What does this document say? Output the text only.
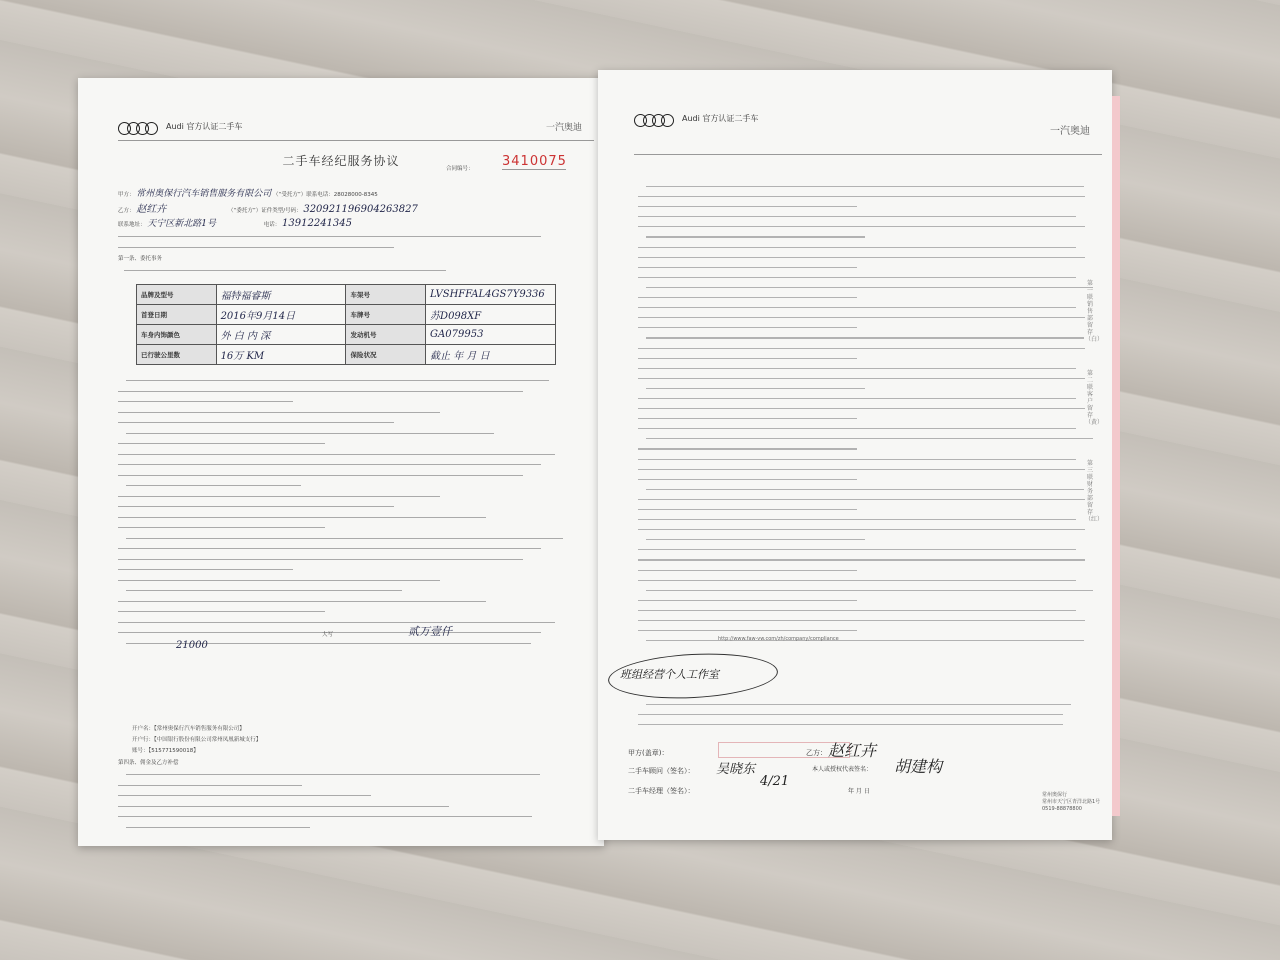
Audi 官方认证二手车	一汽奥迪
二手车经纪服务协议
合同编号： 3410075
甲方： 常州奥保行汽车销售服务有限公司 （“受托方”）联系电话：28028000-8345
乙方： 赵红卉	（“委托方”）证件类型/号码： 320921196904263827
联系地址： 天宁区新北路1号	电话： 13912241345
第一条、委托事务
品牌及型号	福特福睿斯	车架号	LVSHFFAL4GS7Y9336
首登日期	2016年9月14日	车牌号	苏D098XF
车身内饰颜色	外 白 内 深	发动机号	GA079953
已行驶公里数	16万 KM	保险状况	截止 年 月 日
大写	贰万壹仟
21000
开户名：【常州奥保行汽车销售服务有限公司】
开户行：【中国银行股份有限公司常州凤凰新城支行】
账号：【515771590018】
第四条、佣金及乙方补偿
Audi 官方认证二手车
一汽奥迪
http://www.faw-vw.com/zh/company/compliance
第一联 销售部留存（白）
第二联 客户留存（黄）
第三联 财务部留存（红）
班组经营个人工作室
甲方(盖章)：	乙方： 赵红卉
本人或授权代表签名： 胡建构
二手车顾问（签名）： 吴晓东
二手车经理（签名）：
4/21
年 月 日	常州奥保行
常州市天宁区青洋北路1号
0519-88878800
